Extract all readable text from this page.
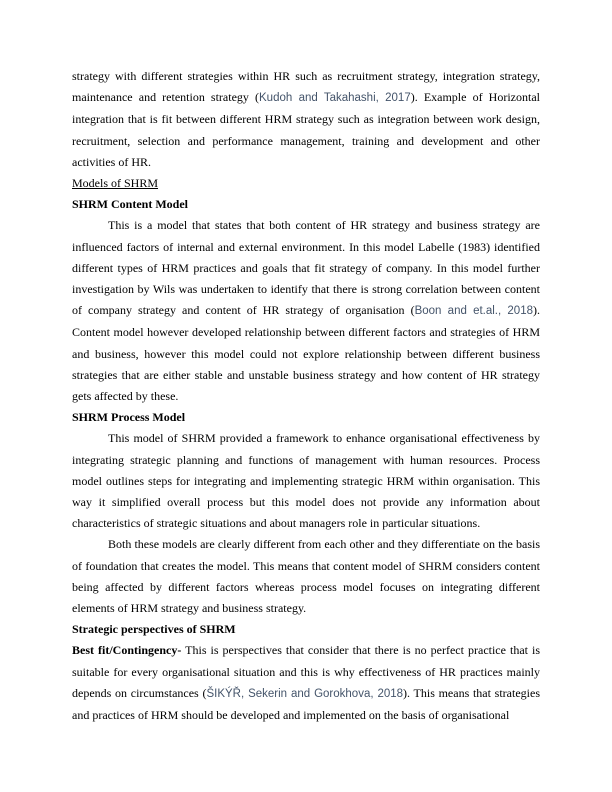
strategy with different strategies within HR such as recruitment strategy, integration strategy, maintenance and retention strategy (Kudoh and Takahashi, 2017). Example of Horizontal integration that is fit between different HRM strategy such as integration between work design, recruitment, selection and performance management, training and development and other activities of HR.

Models of SHRM

SHRM Content Model

This is a model that states that both content of HR strategy and business strategy are influenced factors of internal and external environment. In this model Labelle (1983) identified different types of HRM practices and goals that fit strategy of company. In this model further investigation by Wils was undertaken to identify that there is strong correlation between content of company strategy and content of HR strategy of organisation (Boon and et.al., 2018). Content model however developed relationship between different factors and strategies of HRM and business, however this model could not explore relationship between different business strategies that are either stable and unstable business strategy and how content of HR strategy gets affected by these.

SHRM Process Model

This model of SHRM provided a framework to enhance organisational effectiveness by integrating strategic planning and functions of management with human resources. Process model outlines steps for integrating and implementing strategic HRM within organisation. This way it simplified overall process but this model does not provide any information about characteristics of strategic situations and about managers role in particular situations.

Both these models are clearly different from each other and they differentiate on the basis of foundation that creates the model. This means that content model of SHRM considers content being affected by different factors whereas process model focuses on integrating different elements of HRM strategy and business strategy.

Strategic perspectives of SHRM

Best fit/Contingency- This is perspectives that consider that there is no perfect practice that is suitable for every organisational situation and this is why effectiveness of HR practices mainly depends on circumstances (ŠIKÝŘ, Sekerin and Gorokhova, 2018). This means that strategies and practices of HRM should be developed and implemented on the basis of organisational
